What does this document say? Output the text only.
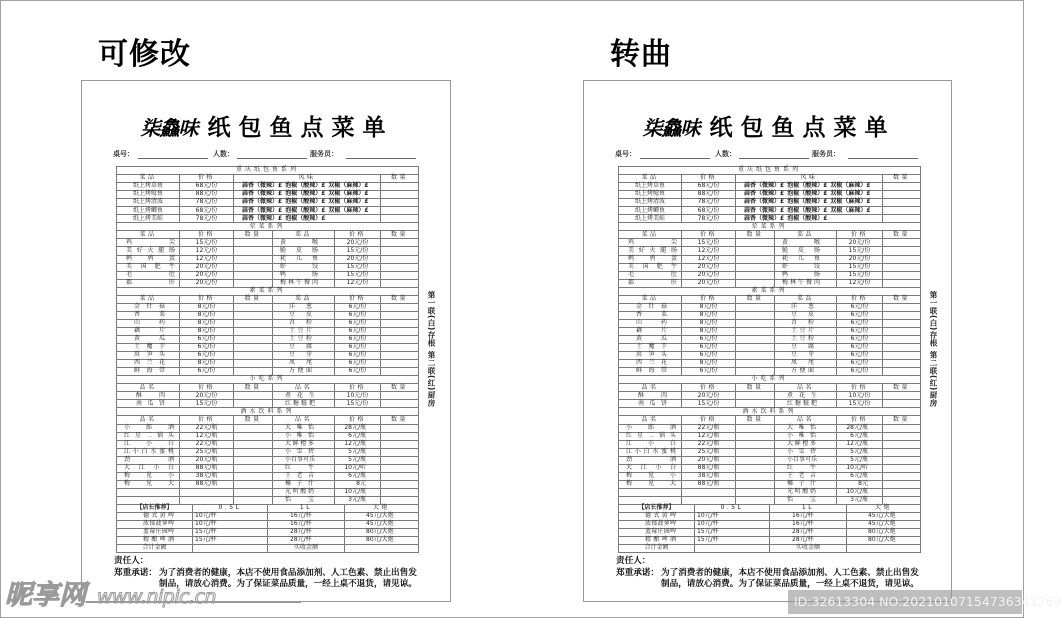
可修改	转曲
柒鱻味 纸包鱼点菜单
桌号：	人数：	服务员：
重庆纸包鱼系列					
菜品	价格	风味			数量
纸上烤草鱼	68元/份	蒜香（微辣）£ 泡椒（酸辣）£ 双椒（麻辣）£			
纸上烤鲶鱼	88元/份	蒜香（微辣）£ 泡椒（酸辣）£ 双椒（麻辣）£			
纸上烤清波	78元/份	蒜香（微辣）£ 泡椒（酸辣）£ 双椒（麻辣）£			
纸上烤鲫鱼	68元/份	蒜香（微辣）£ 泡椒（酸辣）£ 双椒（麻辣）£			
纸上烤美蛙	78元/份	蒜香（微辣）£ 泡椒（酸辣）£			
荤菜系列					
菜品	价格	数量	菜品	价格	数量
鸡尖	15元/份		黄喉	20元/份	
美好火腿肠	12元/份		脆皮肠	15元/份	
鹌鹑蛋	12元/份		耗儿鱼	20元/份	
美国肥牛	20元/份		虾饺	15元/份	
毛肚	20元/份		鸭肠	15元/份	
郡肝	20元/份		梅林午餐肉	12元/份	
素菜系列					
菜品	价格	数量	菜品	价格	数量
金针菇	8元/份		洋葱	6元/份	
香菜	8元/份		豆皮	6元/份	
山药	8元/份		苕粉	6元/份	
藕片	8元/份		土豆片	6元/份	
黄瓜	6元/份		土豆粉	6元/份	
土魔芋	6元/份		豆腐	6元/份	
莴笋头	6元/份		豆芽	6元/份	
西兰花	8元/份		凤尾	6元/份	
鲜海带	6元/份		方便面	6元/份	
小吃系列					
品名	价格	数量	品名	价格	数量
酥肉	20元/份		煮花生	10元/份	
南瓜饼	15元/份		红糖糍粑	15元/份	
酒水饮料系列					
品名	价格	数量	品名	价格	数量
小郎酒	22元/瓶		大唯怡	28元/瓶	
红星二锅头	12元/瓶		小唯怡	6元/瓶	
江小白	22元/瓶		大鲜橙多	12元/瓶	
江小白水蜜桃	25元/瓶		小雪碧	5元/瓶	
劲酒	20元/瓶		小百事可乐	5元/瓶	
大江小白	88元/瓶		红牛	10元/听	
梅见小	38元/瓶		王老吉	6元/瓶	
梅见大	88元/瓶		椰子汁	8元	
			光明酸奶	10元/瓶	
			怡宝	3元/瓶	
【店长推荐】	0.5L	1L	大炮
德式黄啤	10元/杯	16元/杯	45元/大炮
浓郁菠萝啤	10元/杯	16元/杯	45元/大炮
蓝莓庄园啤	15元/杯	28元/杯	80元/大炮
精酿啤酒	15元/杯	28元/杯	80元/大炮
合计金额		实收金额	
第一联(白)存根
第二联(红)厨房
责任人：
郑重承诺： 为了消费者的健康，本店不使用食品添加剂、人工色素、禁止出售发
制品，请放心消费。为了保证菜品质量，一经上桌不退货，请见谅。
柒鱻味 纸包鱼点菜单
桌号：	人数：	服务员：
重庆纸包鱼系列					
菜品	价格	风味			数量
纸上烤草鱼	68元/份	蒜香（微辣）£ 泡椒（酸辣）£ 双椒（麻辣）£			
纸上烤鲶鱼	88元/份	蒜香（微辣）£ 泡椒（酸辣）£ 双椒（麻辣）£			
纸上烤清波	78元/份	蒜香（微辣）£ 泡椒（酸辣）£ 双椒（麻辣）£			
纸上烤鲫鱼	68元/份	蒜香（微辣）£ 泡椒（酸辣）£ 双椒（麻辣）£			
纸上烤美蛙	78元/份	蒜香（微辣）£ 泡椒（酸辣）£			
荤菜系列					
菜品	价格	数量	菜品	价格	数量
鸡尖	15元/份		黄喉	20元/份	
美好火腿肠	12元/份		脆皮肠	15元/份	
鹌鹑蛋	12元/份		耗儿鱼	20元/份	
美国肥牛	20元/份		虾饺	15元/份	
毛肚	20元/份		鸭肠	15元/份	
郡肝	20元/份		梅林午餐肉	12元/份	
素菜系列					
菜品	价格	数量	菜品	价格	数量
金针菇	8元/份		洋葱	6元/份	
香菜	8元/份		豆皮	6元/份	
山药	8元/份		苕粉	6元/份	
藕片	8元/份		土豆片	6元/份	
黄瓜	6元/份		土豆粉	6元/份	
土魔芋	6元/份		豆腐	6元/份	
莴笋头	6元/份		豆芽	6元/份	
西兰花	8元/份		凤尾	6元/份	
鲜海带	6元/份		方便面	6元/份	
小吃系列					
品名	价格	数量	品名	价格	数量
酥肉	20元/份		煮花生	10元/份	
南瓜饼	15元/份		红糖糍粑	15元/份	
酒水饮料系列					
品名	价格	数量	品名	价格	数量
小郎酒	22元/瓶		大唯怡	28元/瓶	
红星二锅头	12元/瓶		小唯怡	6元/瓶	
江小白	22元/瓶		大鲜橙多	12元/瓶	
江小白水蜜桃	25元/瓶		小雪碧	5元/瓶	
劲酒	20元/瓶		小百事可乐	5元/瓶	
大江小白	88元/瓶		红牛	10元/听	
梅见小	38元/瓶		王老吉	6元/瓶	
梅见大	88元/瓶		椰子汁	8元	
			光明酸奶	10元/瓶	
			怡宝	3元/瓶	
【店长推荐】	0.5L	1L	大炮
德式黄啤	10元/杯	16元/杯	45元/大炮
浓郁菠萝啤	10元/杯	16元/杯	45元/大炮
蓝莓庄园啤	15元/杯	28元/杯	80元/大炮
精酿啤酒	15元/杯	28元/杯	80元/大炮
合计金额		实收金额	
第一联(白)存根
第二联(红)厨房
责任人：
郑重承诺： 为了消费者的健康，本店不使用食品添加剂、人工色素、禁止出售发
制品，请放心消费。为了保证菜品质量，一经上桌不退货，请见谅。
昵享网 www.nipic.cn	ID:32613304 NO:20210107154736341269
